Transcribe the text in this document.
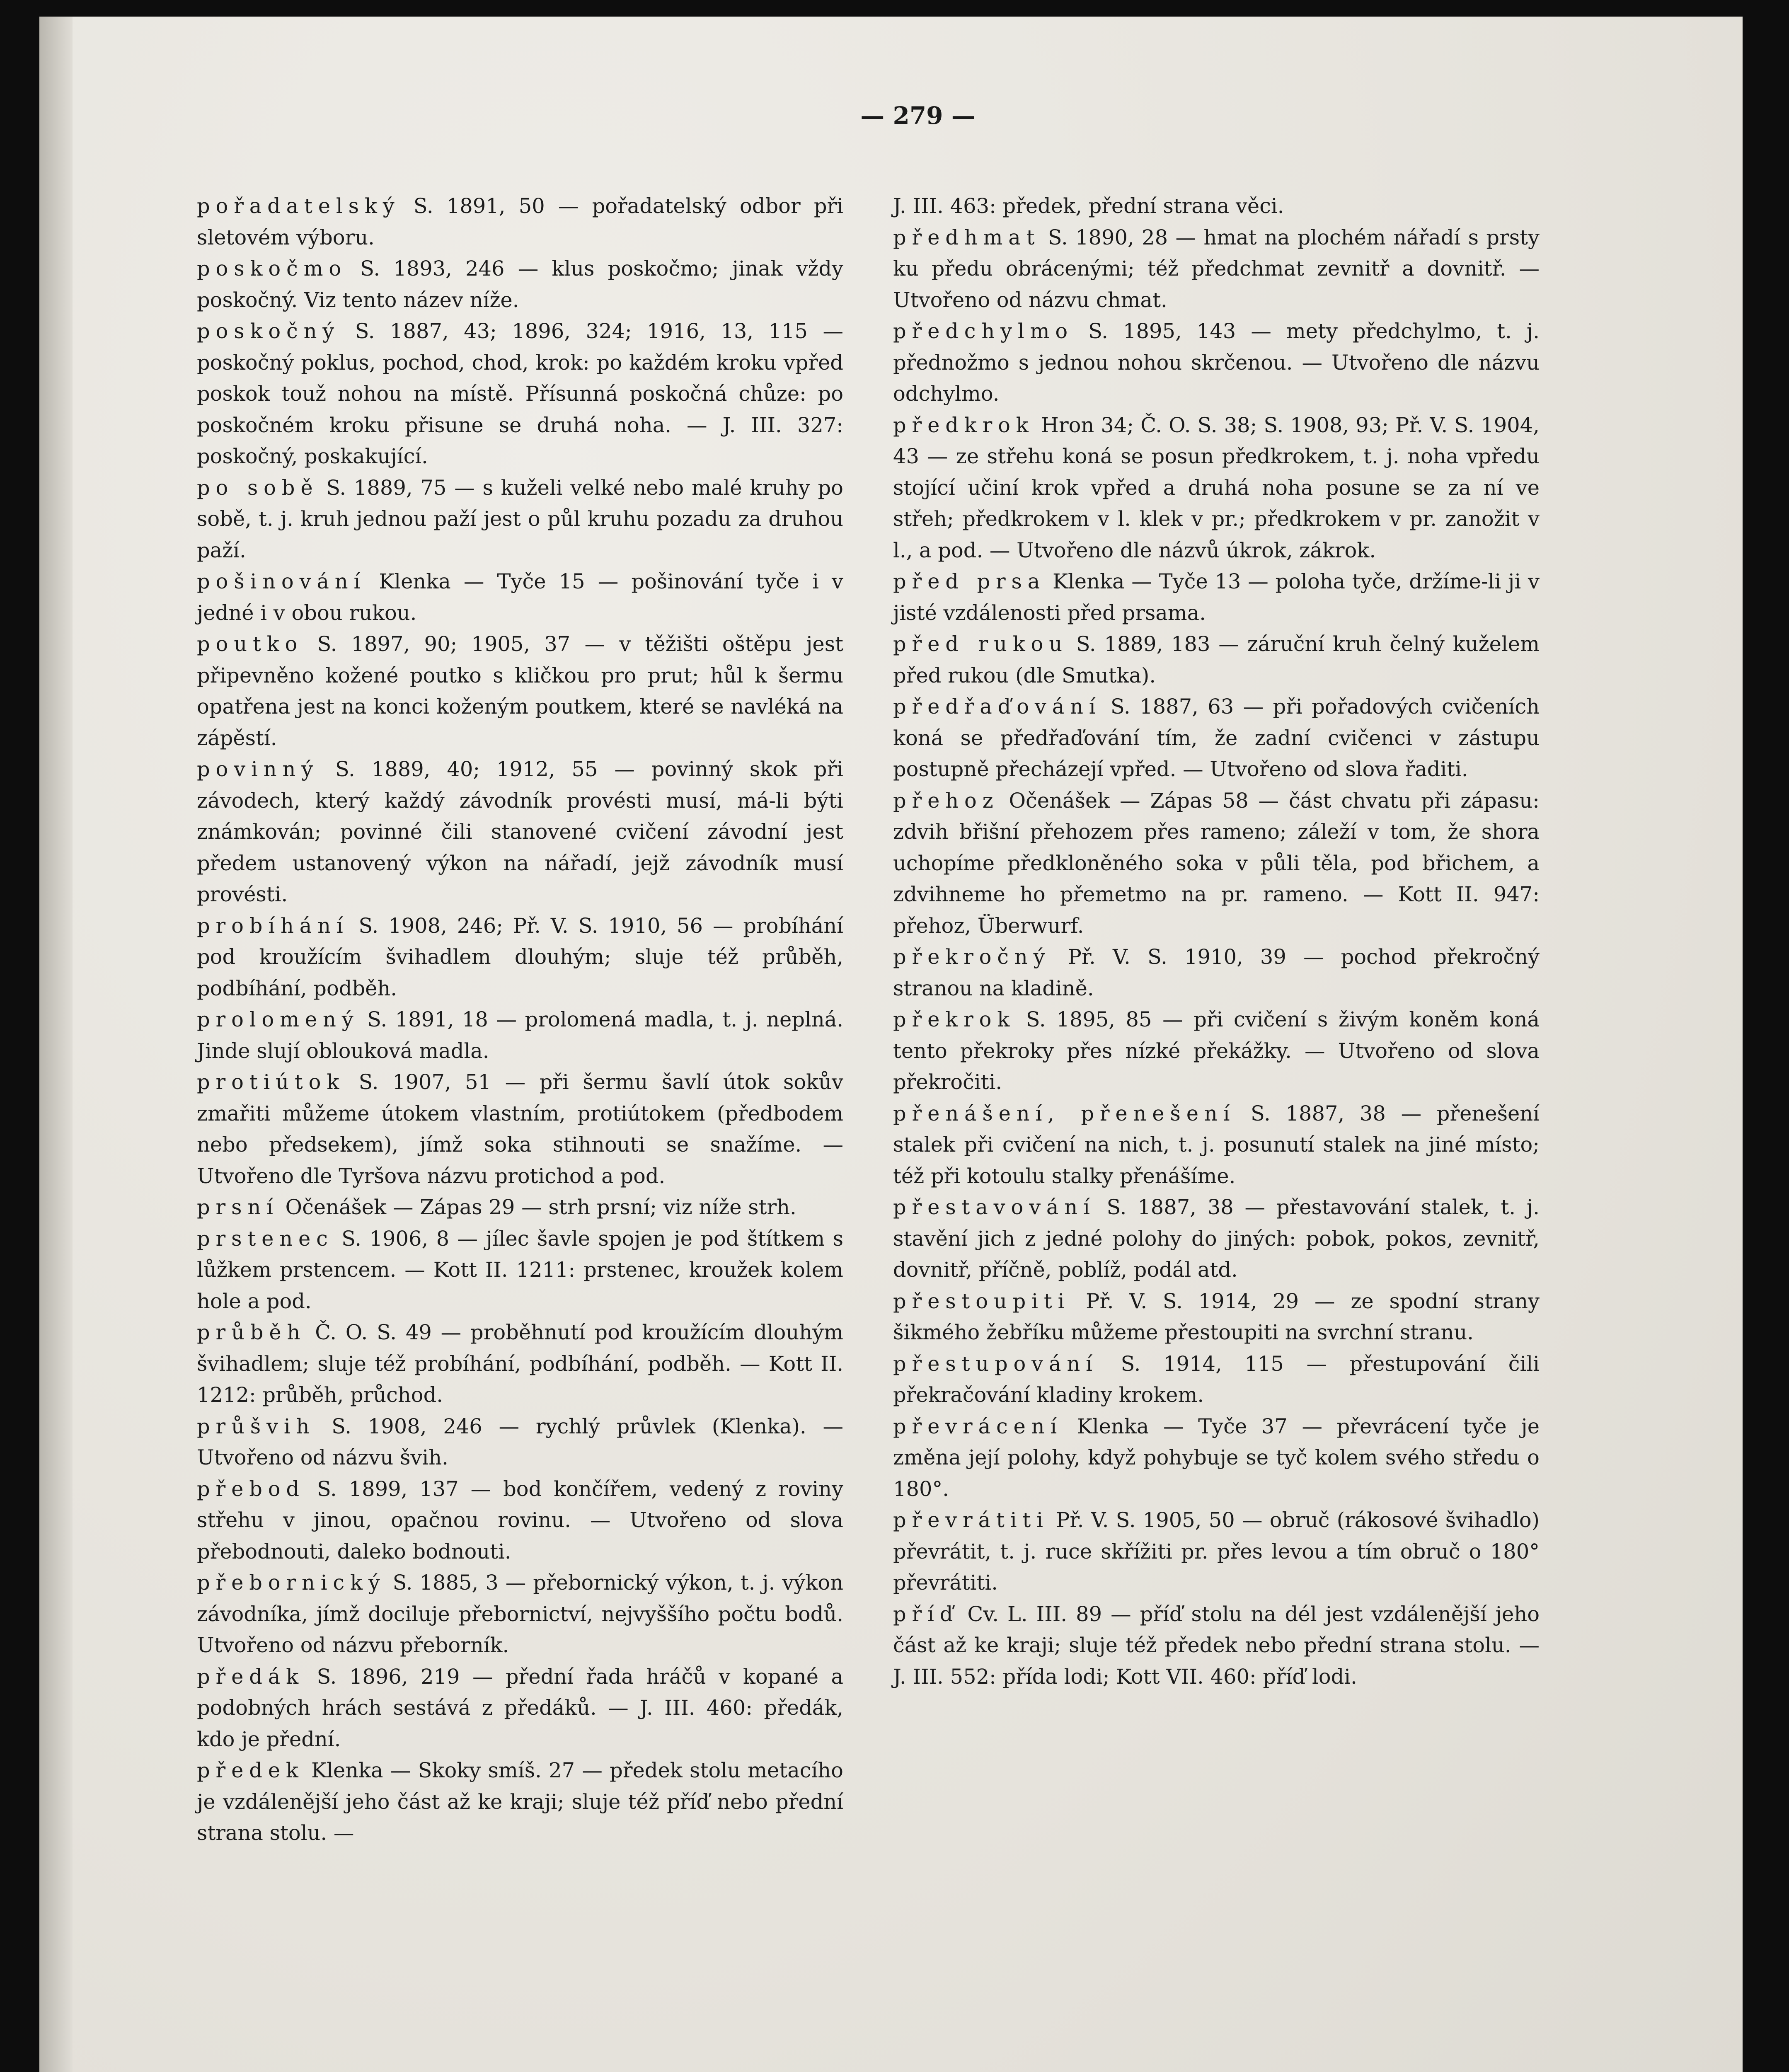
— 279 —

pořadatelský S. 1891, 50 — pořadatelský odbor při sletovém výboru.

poskočmo S. 1893, 246 — klus poskočmo; jinak vždy poskočný. Viz tento název níže.

poskočný S. 1887, 43; 1896, 324; 1916, 13, 115 — poskočný poklus, pochod, chod, krok: po každém kroku vpřed poskok touž nohou na místě. Přísunná poskočná chůze: po poskočném kroku přisune se druhá noha. — J. III. 327: poskočný, poskakující.

po sobě S. 1889, 75 — s kuželi velké nebo malé kruhy po sobě, t. j. kruh jednou paží jest o půl kruhu pozadu za druhou paží.

pošinování Klenka — Tyče 15 — pošinování tyče i v jedné i v obou rukou.

poutko S. 1897, 90; 1905, 37 — v těžišti oštěpu jest připevněno kožené poutko s kličkou pro prut; hůl k šermu opatřena jest na konci koženým poutkem, které se navléká na zápěstí.

povinný S. 1889, 40; 1912, 55 — povinný skok při závodech, který každý závodník provésti musí, má-li býti známkován; povinné čili stanovené cvičení závodní jest předem ustanovený výkon na nářadí, jejž závodník musí provésti.

probíhání S. 1908, 246; Př. V. S. 1910, 56 — probíhání pod kroužícím švihadlem dlouhým; sluje též průběh, podbíhání, podběh.

prolomený S. 1891, 18 — prolomená madla, t. j. neplná. Jinde slují oblouková madla.

protiútok S. 1907, 51 — při šermu šavlí útok sokův zmařiti můžeme útokem vlastním, protiútokem (předbodem nebo předsekem), jímž soka stihnouti se snažíme. — Utvořeno dle Tyršova názvu protichod a pod.

prsní Očenášek — Zápas 29 — strh prsní; viz níže strh.

prstenec S. 1906, 8 — jílec šavle spojen je pod štítkem s lůžkem prstencem. — Kott II. 1211: prstenec, kroužek kolem hole a pod.

průběh Č. O. S. 49 — proběhnutí pod kroužícím dlouhým švihadlem; sluje též probíhání, podbíhání, podběh. — Kott II. 1212: průběh, průchod.

průšvih S. 1908, 246 — rychlý průvlek (Klenka). — Utvořeno od názvu švih.

přebod S. 1899, 137 — bod končířem, vedený z roviny střehu v jinou, opačnou rovinu. — Utvořeno od slova přebodnouti, daleko bodnouti.

přebornický S. 1885, 3 — přebornický výkon, t. j. výkon závodníka, jímž dociluje přebornictví, nejvyššího počtu bodů. Utvořeno od názvu přeborník.

předák S. 1896, 219 — přední řada hráčů v kopané a podobných hrách sestává z předáků. — J. III. 460: předák, kdo je přední.

předek Klenka — Skoky smíš. 27 — předek stolu metacího je vzdálenější jeho část až ke kraji; sluje též příď nebo přední strana stolu. —

J. III. 463: předek, přední strana věci.

předhmat S. 1890, 28 — hmat na plochém nářadí s prsty ku předu obrácenými; též předchmat zevnitř a dovnitř. — Utvořeno od názvu chmat.

předchylmo S. 1895, 143 — mety předchylmo, t. j. přednožmo s jednou nohou skrčenou. — Utvořeno dle názvu odchylmo.

předkrok Hron 34; Č. O. S. 38; S. 1908, 93; Př. V. S. 1904, 43 — ze střehu koná se posun předkrokem, t. j. noha vpředu stojící učiní krok vpřed a druhá noha posune se za ní ve střeh; předkrokem v l. klek v pr.; předkrokem v pr. zanožit v l., a pod. — Utvořeno dle názvů úkrok, zákrok.

před prsa Klenka — Tyče 13 — poloha tyče, držíme-li ji v jisté vzdálenosti před prsama.

před rukou S. 1889, 183 — záruční kruh čelný kuželem před rukou (dle Smutka).

předřaďování S. 1887, 63 — při pořadových cvičeních koná se předřaďování tím, že zadní cvičenci v zástupu postupně přecházejí vpřed. — Utvořeno od slova řaditi.

přehoz Očenášek — Zápas 58 — část chvatu při zápasu: zdvih břišní přehozem přes rameno; záleží v tom, že shora uchopíme předkloněného soka v půli těla, pod břichem, a zdvihneme ho přemetmo na pr. rameno. — Kott II. 947: přehoz, Überwurf.

překročný Př. V. S. 1910, 39 — pochod překročný stranou na kladině.

překrok S. 1895, 85 — při cvičení s živým koněm koná tento překroky přes nízké překážky. — Utvořeno od slova překročiti.

přenášení, přenešení S. 1887, 38 — přenešení stalek při cvičení na nich, t. j. posunutí stalek na jiné místo; též při kotoulu stalky přenášíme.

přestavování S. 1887, 38 — přestavování stalek, t. j. stavění jich z jedné polohy do jiných: pobok, pokos, zevnitř, dovnitř, příčně, poblíž, podál atd.

přestoupiti Př. V. S. 1914, 29 — ze spodní strany šikmého žebříku můžeme přestoupiti na svrchní stranu.

přestupování S. 1914, 115 — přestupování čili překračování kladiny krokem.

převrácení Klenka — Tyče 37 — převrácení tyče je změna její polohy, když pohybuje se tyč kolem svého středu o 180°.

převrátiti Př. V. S. 1905, 50 — obruč (rákosové švihadlo) převrátit, t. j. ruce skřížiti pr. přes levou a tím obruč o 180° převrátiti.

příď Cv. L. III. 89 — příď stolu na dél jest vzdálenější jeho část až ke kraji; sluje též předek nebo přední strana stolu. — J. III. 552: přída lodi; Kott VII. 460: příď lodi.
